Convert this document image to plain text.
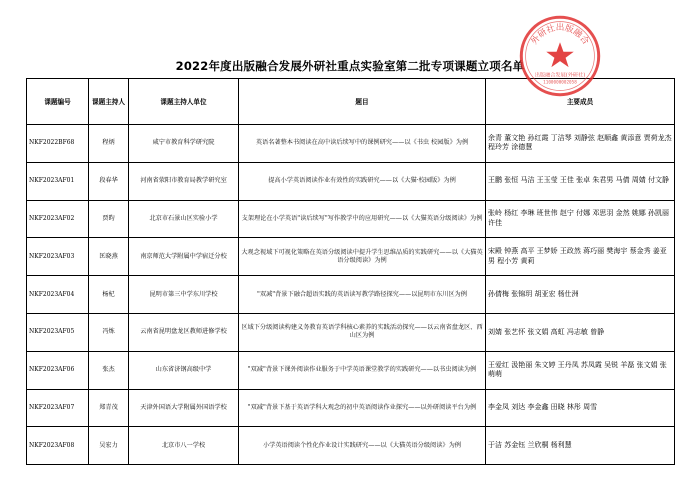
2022年度出版融合发展外研社重点实验室第二批专项课题立项名单
课题编号	课题主持人	课题主持人单位	题目	主要成员
NKF2022BF68	程炳	咸宁市教育科学研究院	英语名著整本书阅读在高中读后续写中的课例研究——以《书虫 校园版》为例	余青 董文艳 孙红霞 丁洁琴 刘静弦 赵顺鑫 黄添意 贾荷龙杰 程玲芳 涂德慧
NKF2023AF01	段春华	河南省荥阳市教育局教学研究室	提高小学英语阅读作业有效性的实践研究——以《大猫·校园版》为例	王鹏 张恒 马洁 王玉莹 王佳 张卓 朱君男 马倩 周婧 付文静
NKF2023AF02	贾昀	北京市石景山区实验小学	支架理论在小学英语"读后续写"写作教学中的应用研究——以《大猫英语分级阅读》为例	张岭 杨红 李琳 班世伟 赵宁 付娜 邓思羽 金然 姚娜 孙凯丽 许佳
NKF2023AF03	匡晓燕	南京师范大学附属中学宿迁分校	大观念视域下可视化策略在英语分级阅读中提升学生思维品质的实践研究——以《大猫英语分级阅读》为例	宋殿 钟燕 高平 王梦娇 王政然 蒋巧丽 樊海宇 蔡金秀 姜亚男 程小芳 黄莉
NKF2023AF04	杨杞	昆明市第三中学东川学校	"双减"背景下融合超语实践的英语读写教学路径探究——以昆明市东川区为例	孙倩梅 张锦玥 胡亚宏 杨仕洲
NKF2023AF05	冯炼	云南省昆明盘龙区教师进修学校	区域下分级阅读构建义务教育英语学科核心素养的实践活动探究——以云南省盘龙区、西山区为例	刘婧 张艺怀 张文娟 高虹 冯志敏 曾静
NKF2023AF06	张杰	山东省济钢高级中学	"双减"背景下课外阅读作业服务于中学英语课堂教学的实践研究——以书虫阅读为例	王爱红 汲艳丽 朱文婷 王丹凤 苏凤霞 吴锐 羊磊 张文娟 张萌萌
NKF2023AF07	郑青茂	天津外国语大学附属外国语学校	"双减"背景下基于英语学科大观念的初中英语阅读作业探究——以外研阅读平台为例	李金凤 刘达 李金鑫 田晓 林彤 周雪
NKF2023AF08	吴宏力	北京市八一学校	小学英语阅读个性化作业设计实践研究——以《大猫英语分级阅读》为例	于洁 苏金钰 兰欣桐 杨利慧
外研社出版融合
出版融合发展(外研社)
1100000002058
